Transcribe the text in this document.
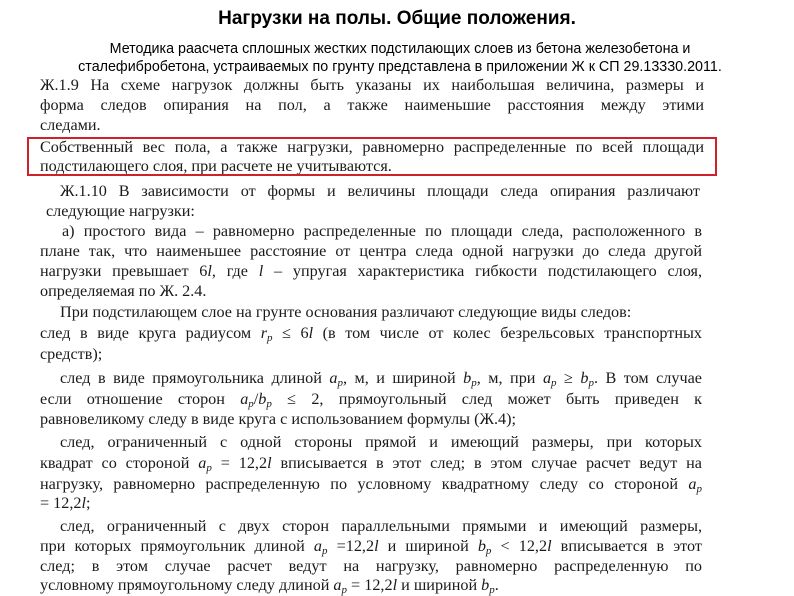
Нагрузки на полы. Общие положения.
Методика раасчета сплошных жестких подстилающих слоев из бетона железобетона и
сталефибробетона, устраиваемых по грунту представлена в приложении Ж к СП 29.13330.2011.
Ж.1.9 На схеме нагрузок должны быть указаны их наибольшая величина, размеры и
форма следов опирания на пол, а также наименьшие расстояния между этими
следами.
Собственный вес пола, а также нагрузки, равномерно распределенные по всей площади
подстилающего слоя, при расчете не учитываются.
Ж.1.10 В зависимости от формы и величины площади следа опирания различают
следующие нагрузки:
а) простого вида – равномерно распределенные по площади следа, расположенного в
плане так, что наименьшее расстояние от центра следа одной нагрузки до следа другой
нагрузки превышает 6l, где l – упругая характеристика гибкости подстилающего слоя,
определяемая по Ж. 2.4.
При подстилающем слое на грунте основания различают следующие виды следов:
след в виде круга радиусом $r_p \le 6l$ (в том числе от колес безрельсовых транспортных
средств);
след в виде прямоугольника длиной $a_p$, м, и шириной $b_p$, м, при $a_p \ge b_p$. В том случае
если отношение сторон $a_p/b_p \le 2$, прямоугольный след может быть приведен к
равновеликому следу в виде круга с использованием формулы (Ж.4);
след, ограниченный с одной стороны прямой и имеющий размеры, при которых
квадрат со стороной $a_p = 12,2l$ вписывается в этот след; в этом случае расчет ведут на
нагрузку, равномерно распределенную по условному квадратному следу со стороной $a_p$
= 12,2l;
след, ограниченный с двух сторон параллельными прямыми и имеющий размеры,
при которых прямоугольник длиной $a_p =12,2l$ и шириной $b_p < 12,2l$ вписывается в этот
след; в этом случае расчет ведут на нагрузку, равномерно распределенную по
условному прямоугольному следу длиной $a_p = 12,2l$ и шириной $b_p$.
